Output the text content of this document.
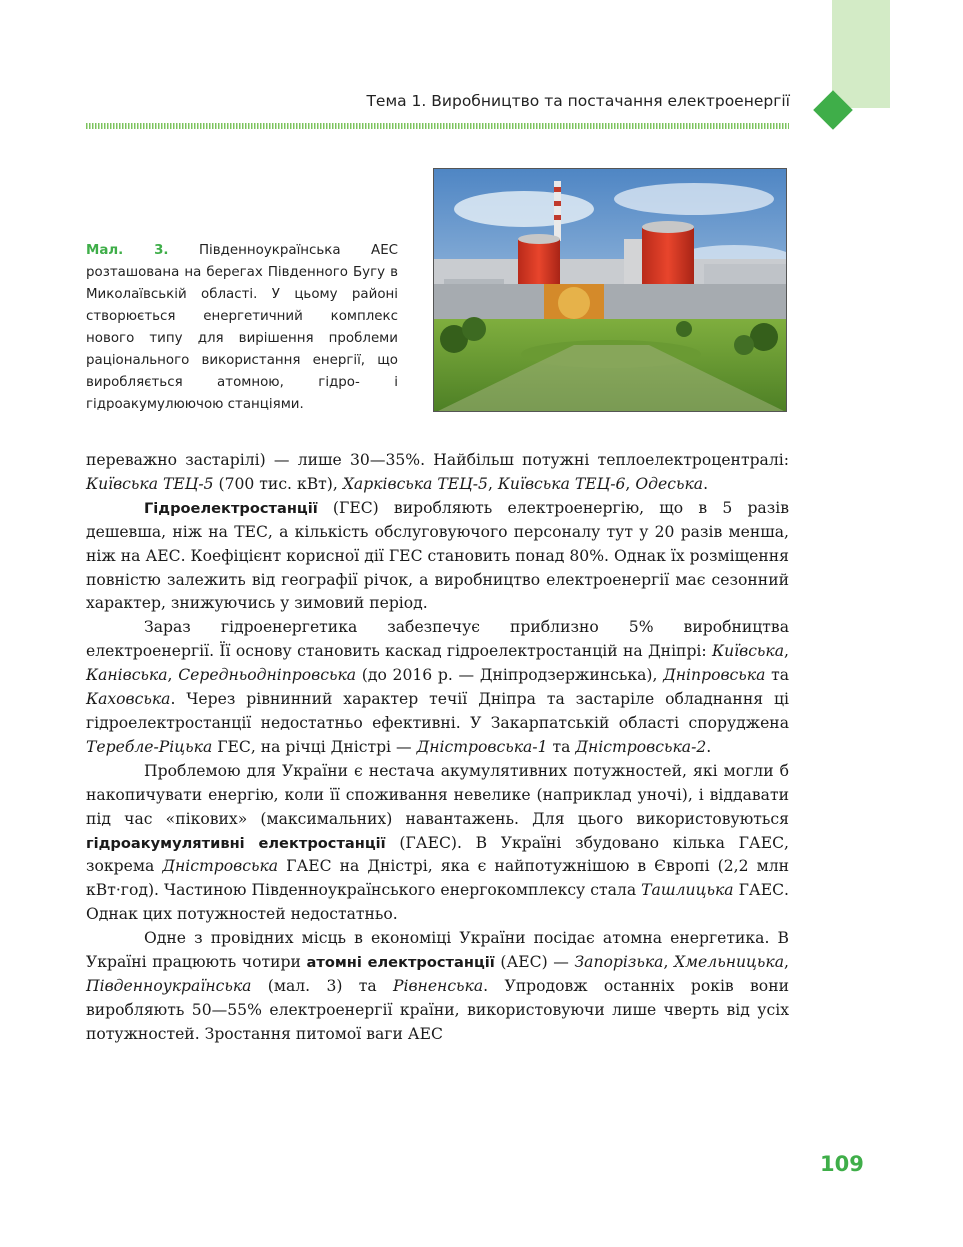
Тема 1. Виробництво та постачання електроенергії
Мал. 3. Південноукраїнська АЕС розташована на берегах Південного Бугу в Миколаївській області. У цьому районі створюється енергетичний комплекс нового типу для вирішення проблеми раціонального використання енергії, що виробляється атомною, гідро- і гідроакумулюючою станціями.

переважно застарілі) — лише 30—35%. Найбільш потужні теплоелектроцентралі: Київська ТЕЦ-5 (700 тис. кВт), Харківська ТЕЦ-5, Київська ТЕЦ-6, Одеська.

Гідроелектростанції (ГЕС) виробляють електроенергію, що в 5 разів дешевша, ніж на ТЕС, а кількість обслуговуючого персоналу тут у 20 разів менша, ніж на АЕС. Коефіцієнт корисної дії ГЕС становить понад 80%. Однак їх розміщення повністю залежить від географії річок, а виробництво електроенергії має сезонний характер, знижуючись у зимовий період.

Зараз гідроенергетика забезпечує приблизно 5% виробництва електроенергії. Її основу становить каскад гідроелектростанцій на Дніпрі: Київська, Канівська, Середньодніпровська (до 2016 р. — Дніпродзержинська), Дніпровська та Каховська. Через рівнинний характер течії Дніпра та застаріле обладнання ці гідроелектростанції недостатньо ефективні. У Закарпатській області споруджена Теребле-Ріцька ГЕС, на річці Дністрі — Дністровська-1 та Дністровська-2.

Проблемою для України є нестача акумулятивних потужностей, які могли б накопичувати енергію, коли її споживання невелике (наприклад уночі), і віддавати під час «пікових» (максимальних) навантажень. Для цього використовуються гідроакумулятивні електростанції (ГАЕС). В Україні збудовано кілька ГАЕС, зокрема Дністровська ГАЕС на Дністрі, яка є найпотужнішою в Європі (2,2 млн кВт·год). Частиною Південноукраїнського енергокомплексу стала Ташлицька ГАЕС. Однак цих потужностей недостатньо.

Одне з провідних місць в економіці України посідає атомна енергетика. В Україні працюють чотири атомні електростанції (АЕС) — Запорізька, Хмельницька, Південноукраїнська (мал. 3) та Рівненська. Упродовж останніх років вони виробляють 50—55% електроенергії країни, використовуючи лише чверть від усіх потужностей. Зростання питомої ваги АЕС

109
